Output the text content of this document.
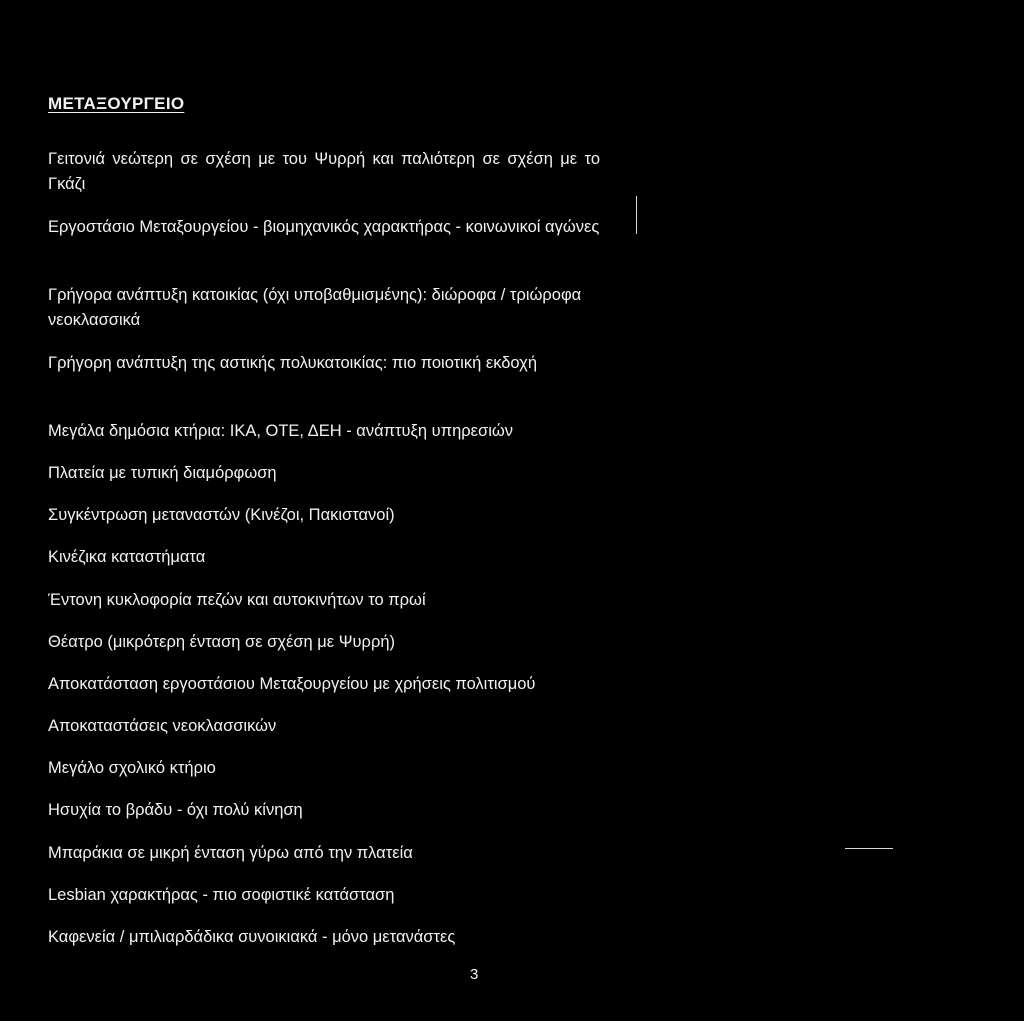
ΜΕΤΑΞΟΥΡΓΕΙΟ

Γειτονιά νεώτερη σε σχέση με του Ψυρρή και παλιότερη σε σχέση με το Γκάζι

Εργοστάσιο Μεταξουργείου - βιομηχανικός χαρακτήρας - κοινωνικοί αγώνες

Γρήγορα ανάπτυξη κατοικίας (όχι υποβαθμισμένης): διώροφα / τριώροφα νεοκλασσικά

Γρήγορη ανάπτυξη της αστικής πολυκατοικίας: πιο ποιοτική εκδοχή

Μεγάλα δημόσια κτήρια: ΙΚΑ, ΟΤΕ, ΔΕΗ - ανάπτυξη υπηρεσιών

Πλατεία με τυπική διαμόρφωση

Συγκέντρωση μεταναστών (Κινέζοι, Πακιστανοί)

Κινέζικα καταστήματα

Έντονη κυκλοφορία πεζών και αυτοκινήτων το πρωί

Θέατρο (μικρότερη ένταση σε σχέση με Ψυρρή)

Αποκατάσταση εργοστάσιου Μεταξουργείου με χρήσεις πολιτισμού

Αποκαταστάσεις νεοκλασσικών

Μεγάλο σχολικό κτήριο

Ησυχία το βράδυ - όχι πολύ κίνηση

Μπαράκια σε μικρή ένταση γύρω από την πλατεία

Lesbian χαρακτήρας - πιο σοφιστικέ κατάσταση

Καφενεία / μπιλιαρδάδικα συνοικιακά - μόνο μετανάστες

3
